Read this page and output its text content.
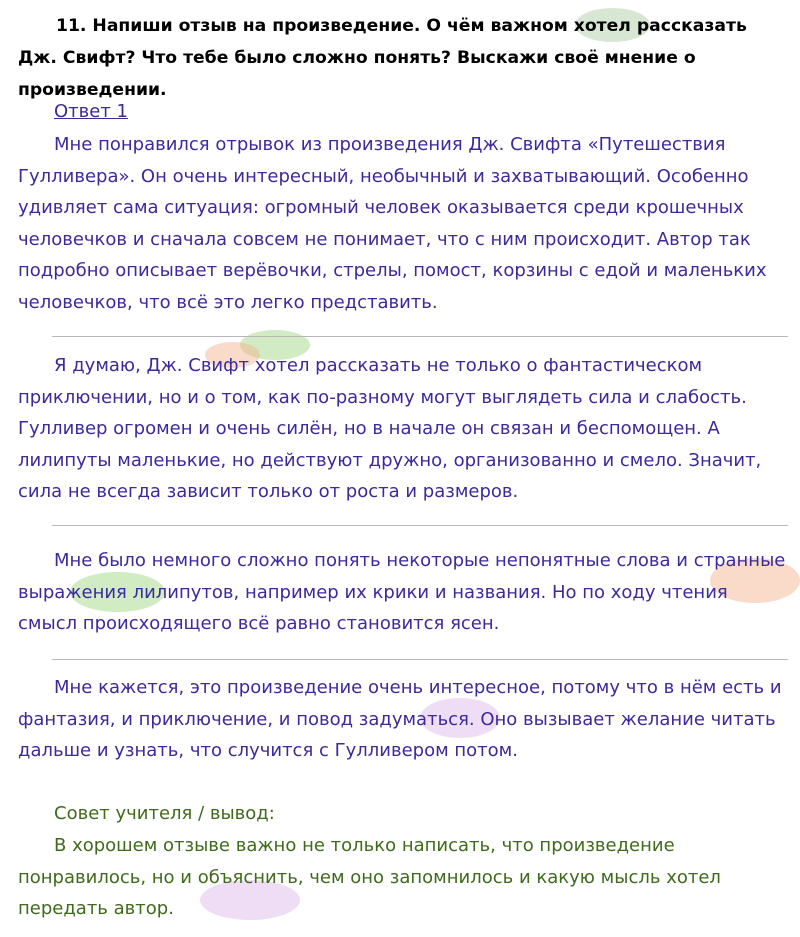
11. Напиши отзыв на произведение. О чём важном хотел рассказать Дж. Свифт? Что тебе было сложно понять? Выскажи своё мнение о произведении.

Ответ 1

Мне понравился отрывок из произведения Дж. Свифта «Путешествия Гулливера». Он очень интересный, необычный и захватывающий. Особенно удивляет сама ситуация: огромный человек оказывается среди крошечных человечков и сначала совсем не понимает, что с ним происходит. Автор так подробно описывает верёвочки, стрелы, помост, корзины с едой и маленьких человечков, что всё это легко представить.

Я думаю, Дж. Свифт хотел рассказать не только о фантастическом приключении, но и о том, как по-разному могут выглядеть сила и слабость. Гулливер огромен и очень силён, но в начале он связан и беспомощен. А лилипуты маленькие, но действуют дружно, организованно и смело. Значит, сила не всегда зависит только от роста и размеров.

Мне было немного сложно понять некоторые непонятные слова и странные выражения лилипутов, например их крики и названия. Но по ходу чтения смысл происходящего всё равно становится ясен.

Мне кажется, это произведение очень интересное, потому что в нём есть и фантазия, и приключение, и повод задуматься. Оно вызывает желание читать дальше и узнать, что случится с Гулливером потом.

Совет учителя / вывод:

В хорошем отзыве важно не только написать, что произведение понравилось, но и объяснить, чем оно запомнилось и какую мысль хотел передать автор.
